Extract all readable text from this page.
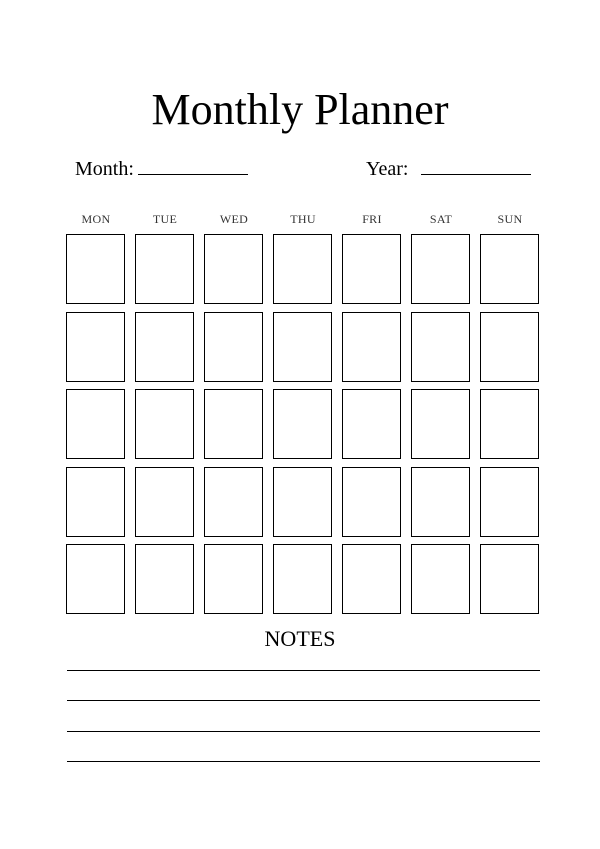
Monthly Planner
Month:	Year:
MON	TUE	WED	THU	FRI	SAT	SUN
NOTES
